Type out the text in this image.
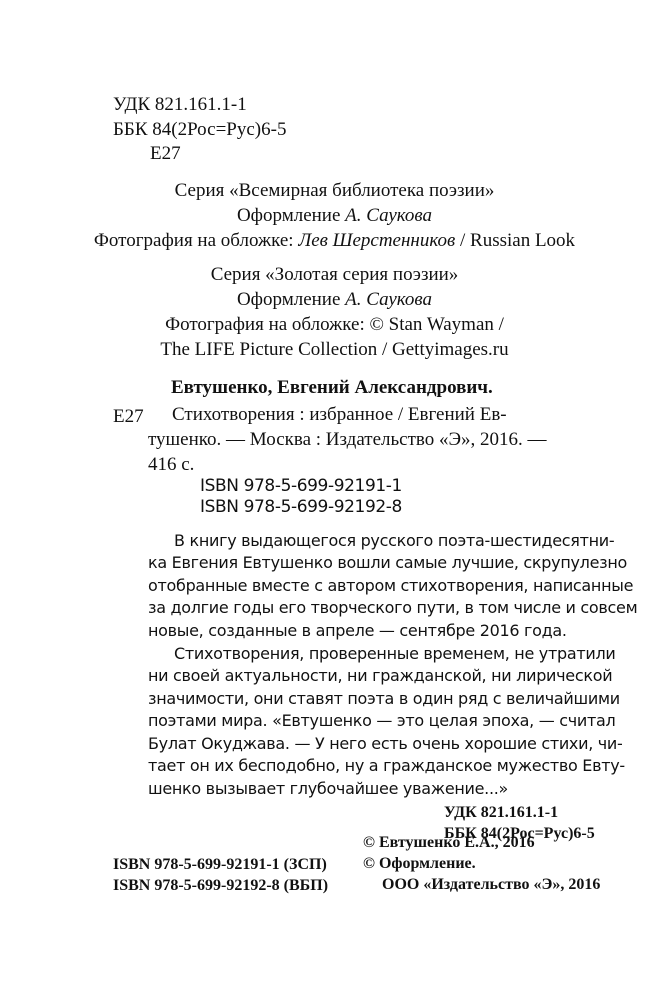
УДК 821.161.1-1
ББК 84(2Рос=Рус)6-5
Е27
Серия «Всемирная библиотека поэзии»
Оформление А. Саукова
Фотография на обложке: Лев Шерстенников / Russian Look
Серия «Золотая серия поэзии»
Оформление А. Саукова
Фотография на обложке: © Stan Wayman /
The LIFE Picture Collection / Gettyimages.ru
Евтушенко, Евгений Александрович.
Е27 Стихотворения : избранное / Евгений Ев-
тушенко. — Москва : Издательство «Э», 2016. —
416 с.
ISBN 978-5-699-92191-1
ISBN 978-5-699-92192-8
В книгу выдающегося русского поэта-шестидесятни-
ка Евгения Евтушенко вошли самые лучшие, скрупулезно
отобранные вместе с автором стихотворения, написанные
за долгие годы его творческого пути, в том числе и совсем
новые, созданные в апреле — сентябре 2016 года.
Стихотворения, проверенные временем, не утратили
ни своей актуальности, ни гражданской, ни лирической
значимости, они ставят поэта в один ряд с величайшими
поэтами мира. «Евтушенко — это целая эпоха, — считал
Булат Окуджава. — У него есть очень хорошие стихи, чи-
тает он их бесподобно, ну а гражданское мужество Евту-
шенко вызывает глубочайшее уважение...»
УДК 821.161.1-1
ББК 84(2Рос=Рус)6-5
ISBN 978-5-699-92191-1 (ЗСП)
ISBN 978-5-699-92192-8 (ВБП)
© Евтушенко Е.А., 2016
© Оформление.
ООО «Издательство «Э», 2016
